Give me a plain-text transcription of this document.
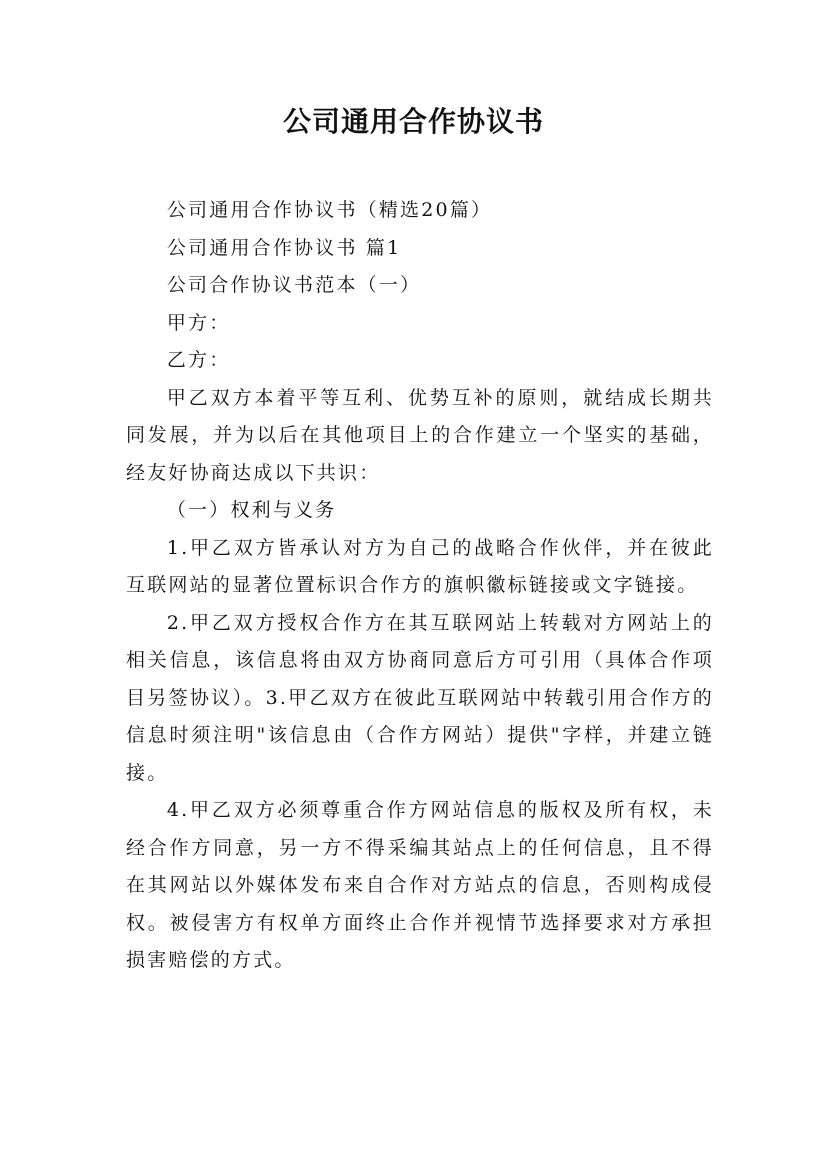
公司通用合作协议书

公司通用合作协议书（精选20篇）

公司通用合作协议书 篇1

公司合作协议书范本（一）

甲方：

乙方：

甲乙双方本着平等互利、优势互补的原则，就结成长期共同发展，并为以后在其他项目上的合作建立一个坚实的基础，经友好协商达成以下共识：

（一）权利与义务

1.甲乙双方皆承认对方为自己的战略合作伙伴，并在彼此互联网站的显著位置标识合作方的旗帜徽标链接或文字链接。

2.甲乙双方授权合作方在其互联网站上转载对方网站上的相关信息，该信息将由双方协商同意后方可引用（具体合作项目另签协议）。3.甲乙双方在彼此互联网站中转载引用合作方的信息时须注明"该信息由（合作方网站）提供"字样，并建立链接。

4.甲乙双方必须尊重合作方网站信息的版权及所有权，未经合作方同意，另一方不得采编其站点上的任何信息，且不得在其网站以外媒体发布来自合作对方站点的信息，否则构成侵权。被侵害方有权单方面终止合作并视情节选择要求对方承担损害赔偿的方式。
